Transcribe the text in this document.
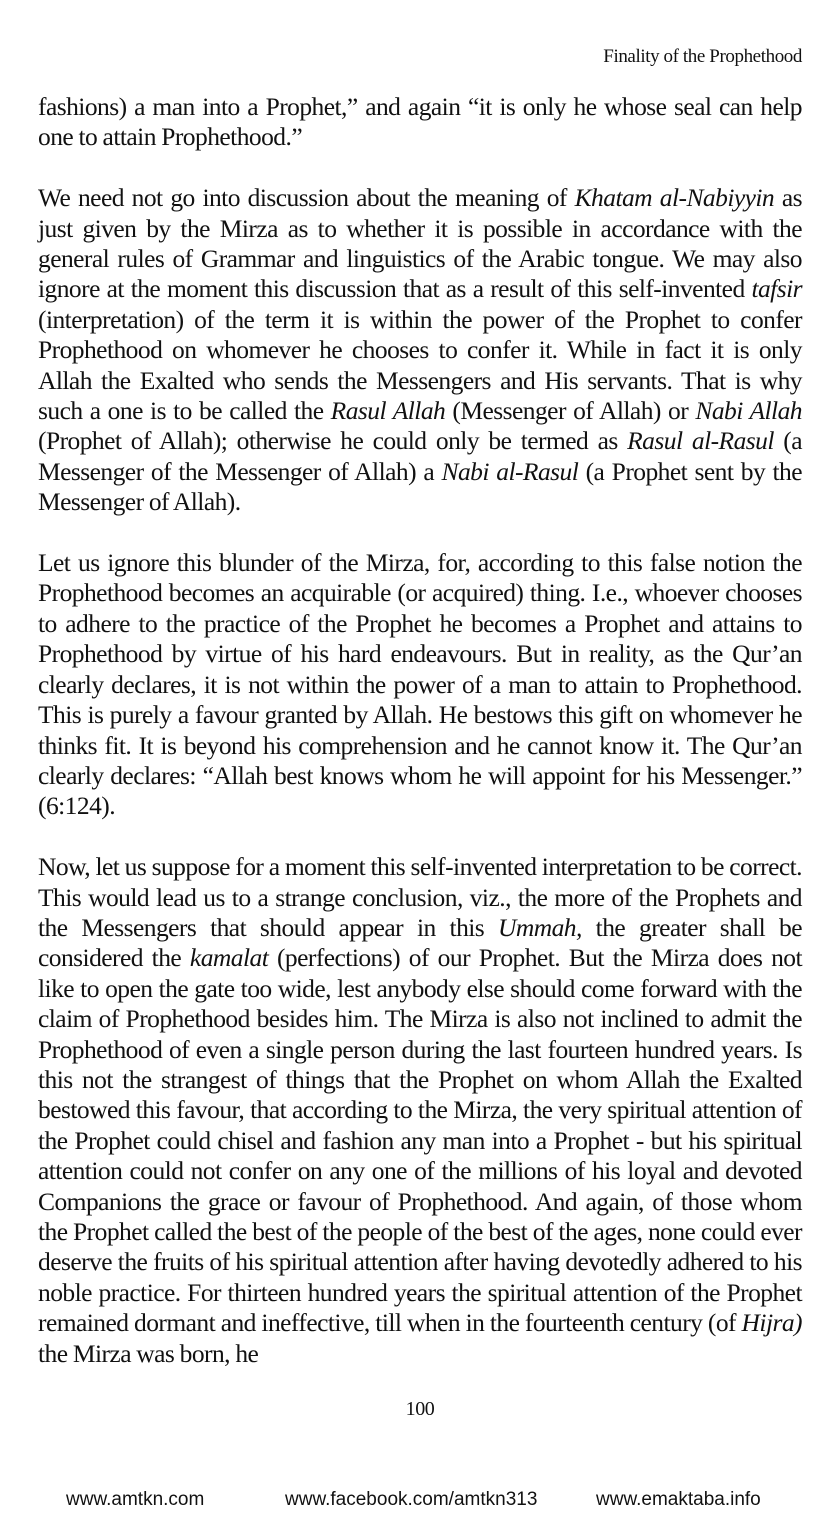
Finality of the Prophethood

fashions) a man into a Prophet,” and again “it is only he whose seal can help one to attain Prophethood.”

We need not go into discussion about the meaning of Khatam al-Nabiyyin as just given by the Mirza as to whether it is possible in accordance with the general rules of Grammar and linguistics of the Arabic tongue. We may also ignore at the moment this discussion that as a result of this self-invented tafsir (interpretation) of the term it is within the power of the Prophet to confer Prophethood on whomever he chooses to confer it. While in fact it is only Allah the Exalted who sends the Messengers and His servants. That is why such a one is to be called the Rasul Allah (Messenger of Allah) or Nabi Allah (Prophet of Allah); otherwise he could only be termed as Rasul al-Rasul (a Messenger of the Messenger of Allah) a Nabi al-Rasul (a Prophet sent by the Messenger of Allah).

Let us ignore this blunder of the Mirza, for, according to this false notion the Prophethood becomes an acquirable (or acquired) thing. I.e., whoever chooses to adhere to the practice of the Prophet he becomes a Prophet and attains to Prophethood by virtue of his hard endeavours. But in reality, as the Qur’an clearly declares, it is not within the power of a man to attain to Prophethood. This is purely a favour granted by Allah. He bestows this gift on whomever he thinks fit. It is beyond his comprehension and he cannot know it. The Qur’an clearly declares: “Allah best knows whom he will appoint for his Messenger.” (6:124).

Now, let us suppose for a moment this self-invented interpretation to be correct. This would lead us to a strange conclusion, viz., the more of the Prophets and the Messengers that should appear in this Ummah, the greater shall be considered the kamalat (perfections) of our Prophet. But the Mirza does not like to open the gate too wide, lest anybody else should come forward with the claim of Prophethood besides him. The Mirza is also not inclined to admit the Prophethood of even a single person during the last fourteen hundred years. Is this not the strangest of things that the Prophet on whom Allah the Exalted bestowed this favour, that according to the Mirza, the very spiritual attention of the Prophet could chisel and fashion any man into a Prophet - but his spiritual attention could not confer on any one of the millions of his loyal and devoted Companions the grace or favour of Prophethood. And again, of those whom the Prophet called the best of the people of the best of the ages, none could ever deserve the fruits of his spiritual attention after having devotedly adhered to his noble practice. For thirteen hundred years the spiritual attention of the Prophet remained dormant and ineffective, till when in the fourteenth century (of Hijra) the Mirza was born, he

100
www.amtkn.com	www.facebook.com/amtkn313	www.emaktaba.info
